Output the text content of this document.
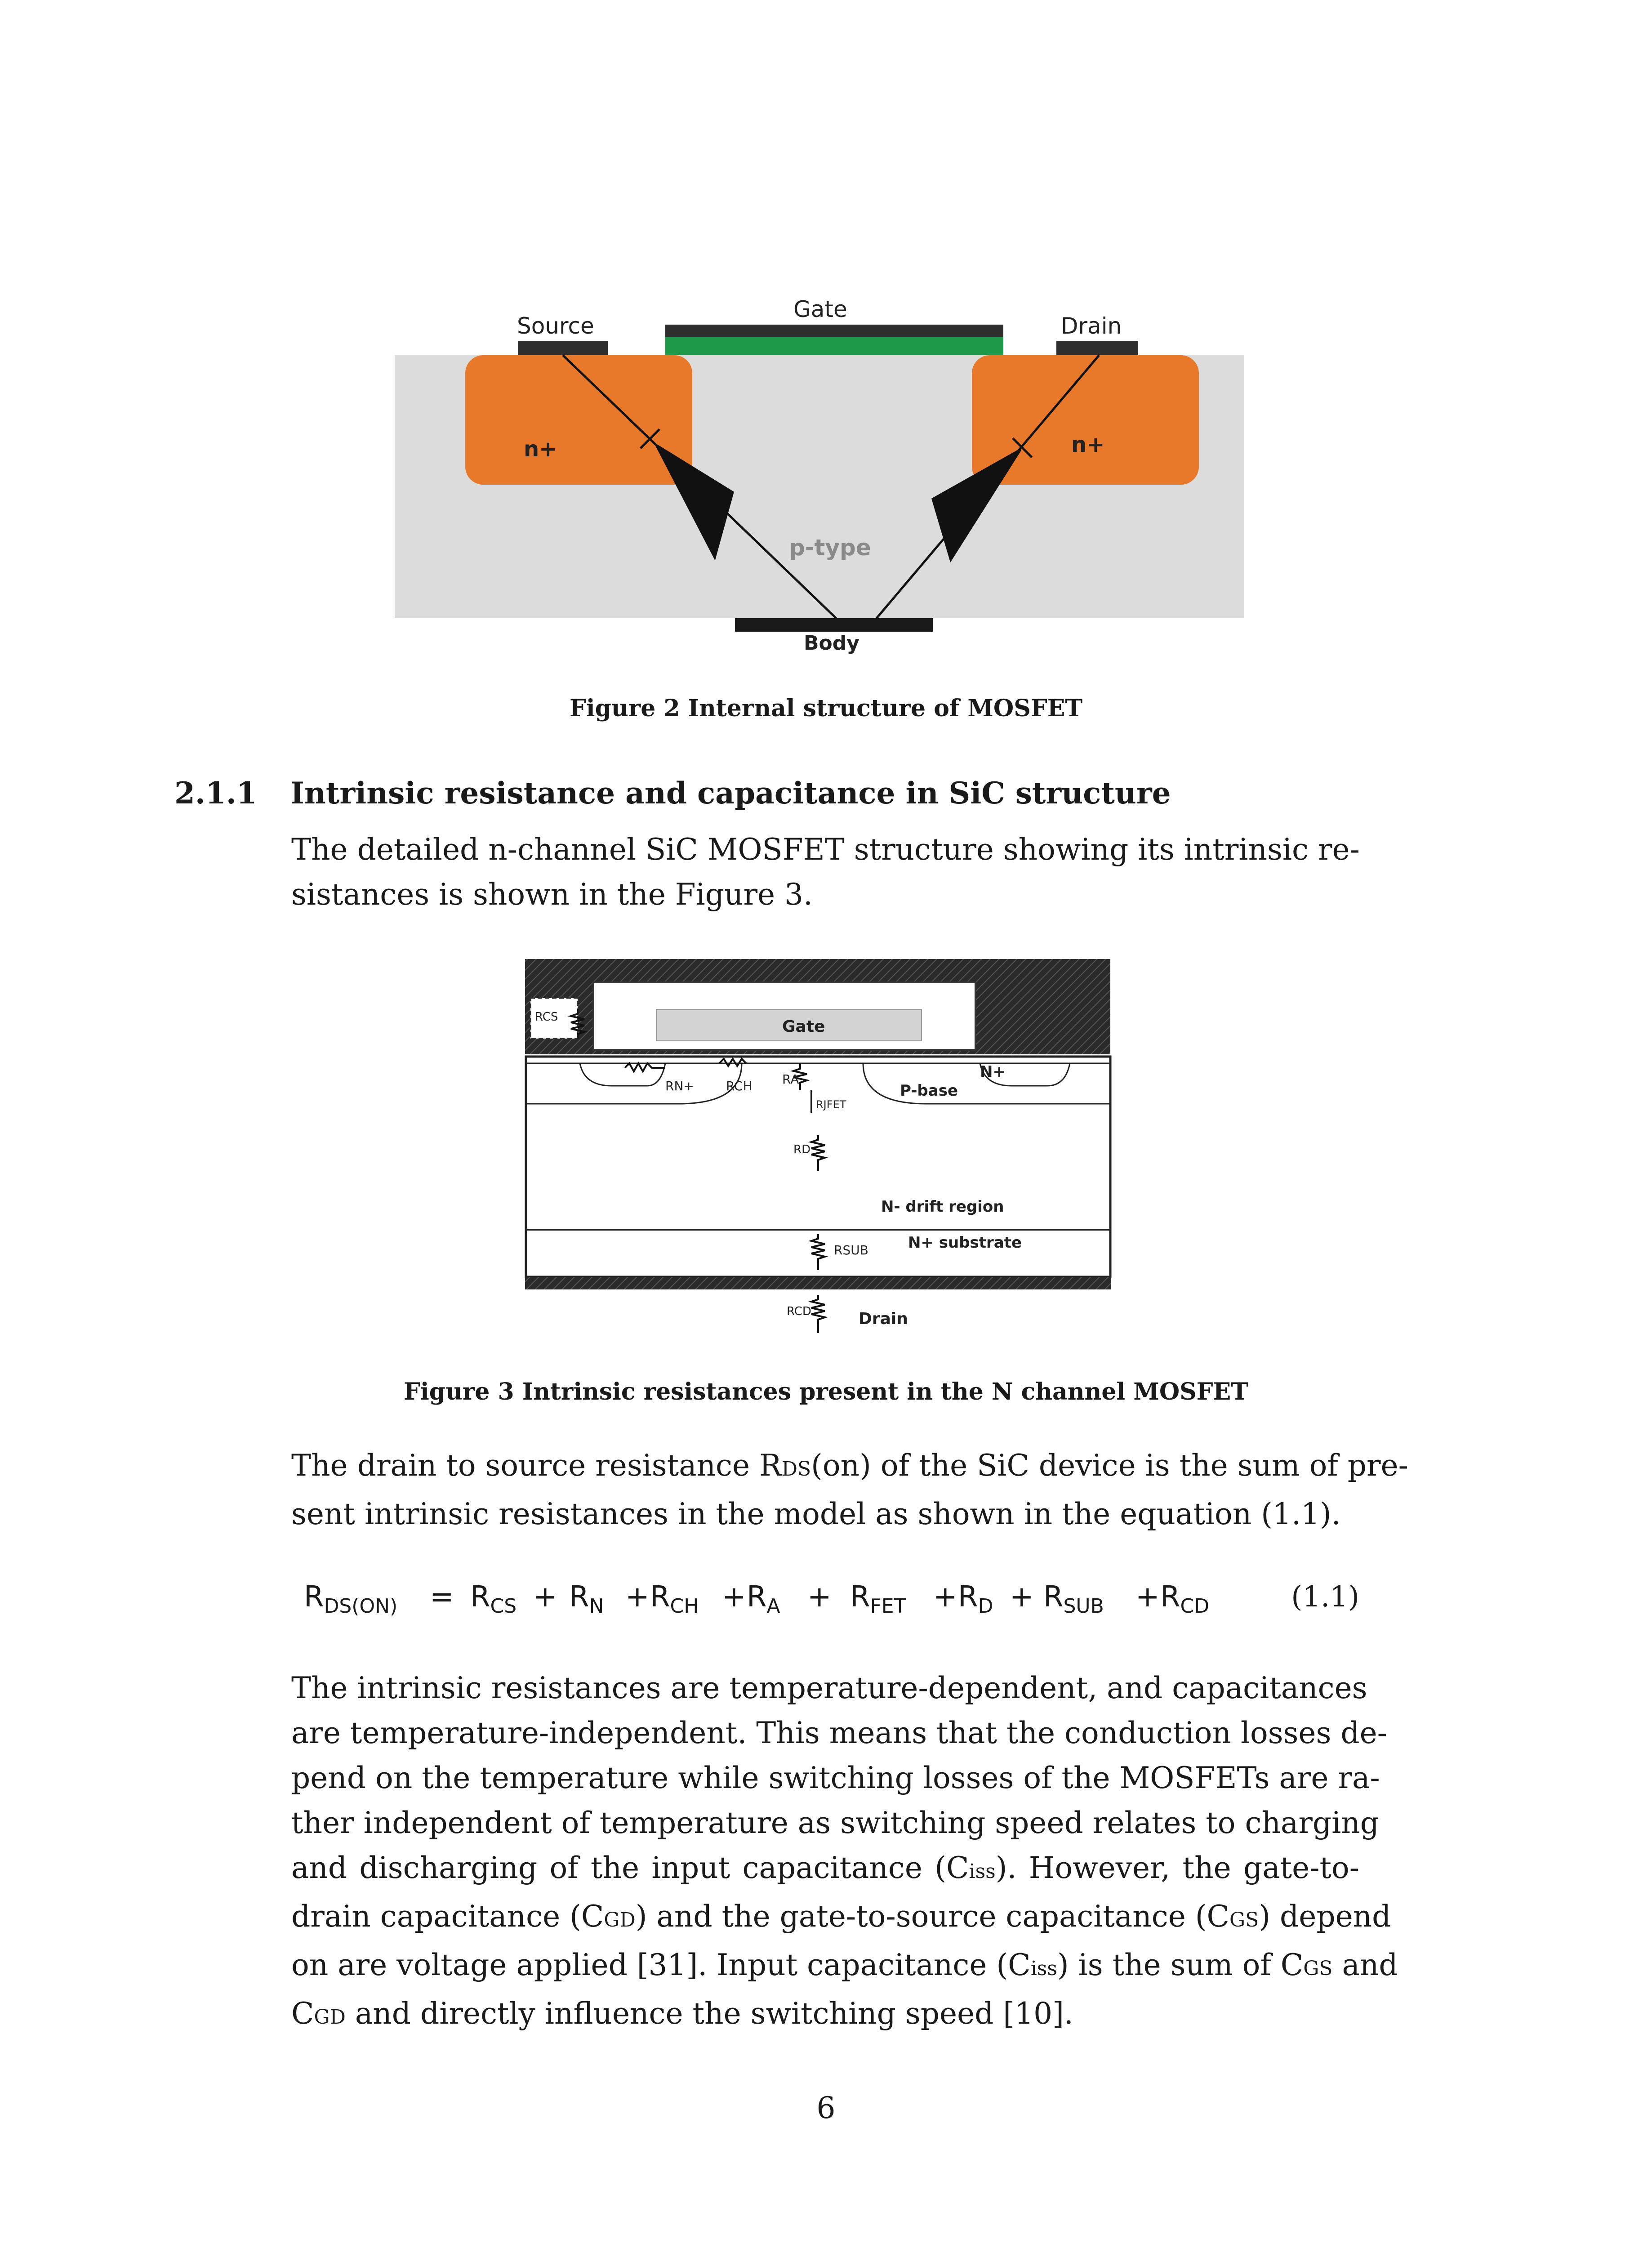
Source
Gate
Drain
n+	n+
p-type
Body
Figure 2 Internal structure of MOSFET
2.1.1 Intrinsic resistance and capacitance in SiC structure
The detailed n-channel SiC MOSFET structure showing its intrinsic re-
sistances is shown in the Figure 3.
RCS
Gate
RN+	RCH RA
RJFET
P-base
N+
RD
N- drift region
RSUB	N+ substrate
RCD	Drain
Figure 3 Intrinsic resistances present in the N channel MOSFET
The drain to source resistance RDS(on) of the SiC device is the sum of pre-
sent intrinsic resistances in the model as shown in the equation (1.1).
$R_{DS(ON)} = R_{CS} + R_N + R_{CH} + R_A + R_{FET} + R_D + R_{SUB} + R_{CD}$	(1.1)
The intrinsic resistances are temperature-dependent, and capacitances
are temperature-independent. This means that the conduction losses de-
pend on the temperature while switching losses of the MOSFETs are ra-
ther independent of temperature as switching speed relates to charging
and discharging of the input capacitance (Ciss). However, the gate-to-
drain capacitance (CGD) and the gate-to-source capacitance (CGS) depend
on are voltage applied [31]. Input capacitance (Ciss) is the sum of CGS and
CGD and directly influence the switching speed [10].
6
